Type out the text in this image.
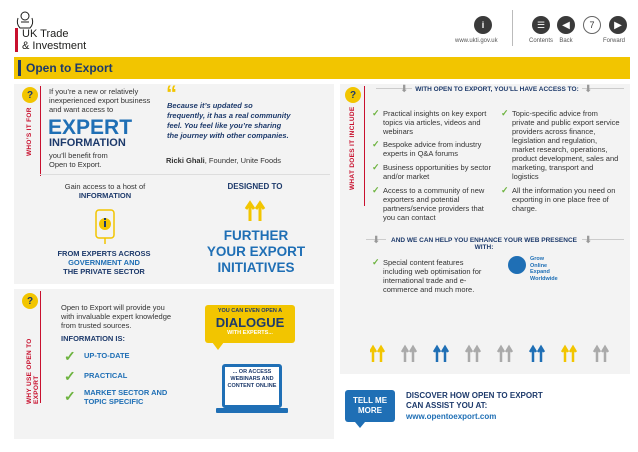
UK Trade
& Investment
i
www.ukti.gov.uk
☰
Contents
◀
Back
7 ▶
Forward
Open to Export
?
WHO’S IT FOR
If you’re a new or relatively inexperienced export business and want access to
EXPERT
INFORMATION
you’ll benefit from Open to Export.
“
Because it’s updated so frequently, it has a real community feel. You feel like you’re sharing the journey with other companies.
Ricki Ghali, Founder, Unite Foods
Gain access to a host of
INFORMATION
FROM EXPERTS ACROSS
GOVERNMENT AND
THE PRIVATE SECTOR
DESIGNED TO
FURTHER
YOUR EXPORT
INITIATIVES
?
WHY USE OPEN TO EXPORT
Open to Export will provide you with invaluable expert knowledge from trusted sources.
INFORMATION IS:
✓	UP-TO-DATE
✓	PRACTICAL
✓	MARKET SECTOR AND TOPIC SPECIFIC
YOU CAN EVEN OPEN A
DIALOGUE
WITH EXPERTS...
... OR ACCESS WEBINARS AND CONTENT ONLINE
?
WHAT DOES IT INCLUDE
⬇	⬇
WITH OPEN TO EXPORT, YOU’LL HAVE ACCESS TO:
✓ Practical insights on key export topics via articles, videos and webinars
✓ Bespoke advice from industry experts in Q&A forums
✓ Business opportunities by sector and/or market
✓ Access to a community of new exporters and potential partners/service providers that you can contact
✓ Topic-specific advice from private and public export service providers across finance, legislation and regulation, market research, operations, product development, sales and marketing, transport and logistics
✓ All the information you need on exporting in one place free of charge.
⬇	⬇
AND WE CAN HELP YOU ENHANCE YOUR WEB PRESENCE WITH:
✓ Special content features including web optimisation for international trade and e-commerce and much more.
Grow
Online
Expand
Worldwide
TELL ME
MORE
DISCOVER HOW OPEN TO EXPORT
CAN ASSIST YOU AT:
www.opentoexport.com
